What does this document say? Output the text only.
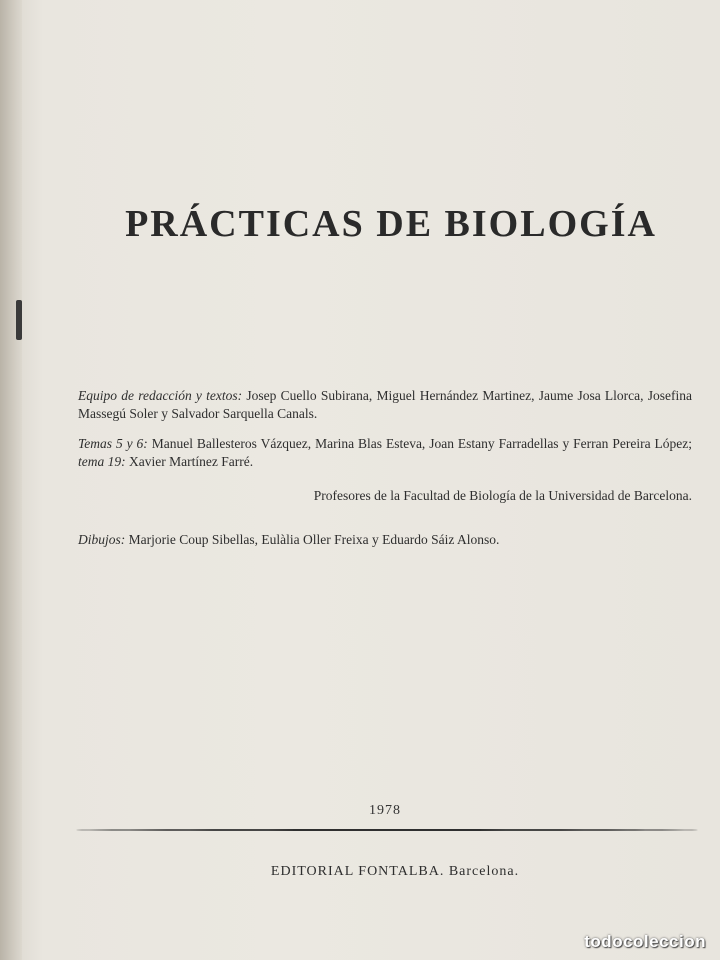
PRÁCTICAS DE BIOLOGÍA

Equipo de redacción y textos: Josep Cuello Subirana, Miguel Hernández Martinez, Jaume Josa Llorca, Josefina Massegú Soler y Salvador Sarquella Canals.

Temas 5 y 6: Manuel Ballesteros Vázquez, Marina Blas Esteva, Joan Estany Farradellas y Ferran Pereira López; tema 19: Xavier Martínez Farré.

Profesores de la Facultad de Biología de la Universidad de Barcelona.

Dibujos: Marjorie Coup Sibellas, Eulàlia Oller Freixa y Eduardo Sáiz Alonso.

1978
EDITORIAL FONTALBA. Barcelona.
todocoleccion
